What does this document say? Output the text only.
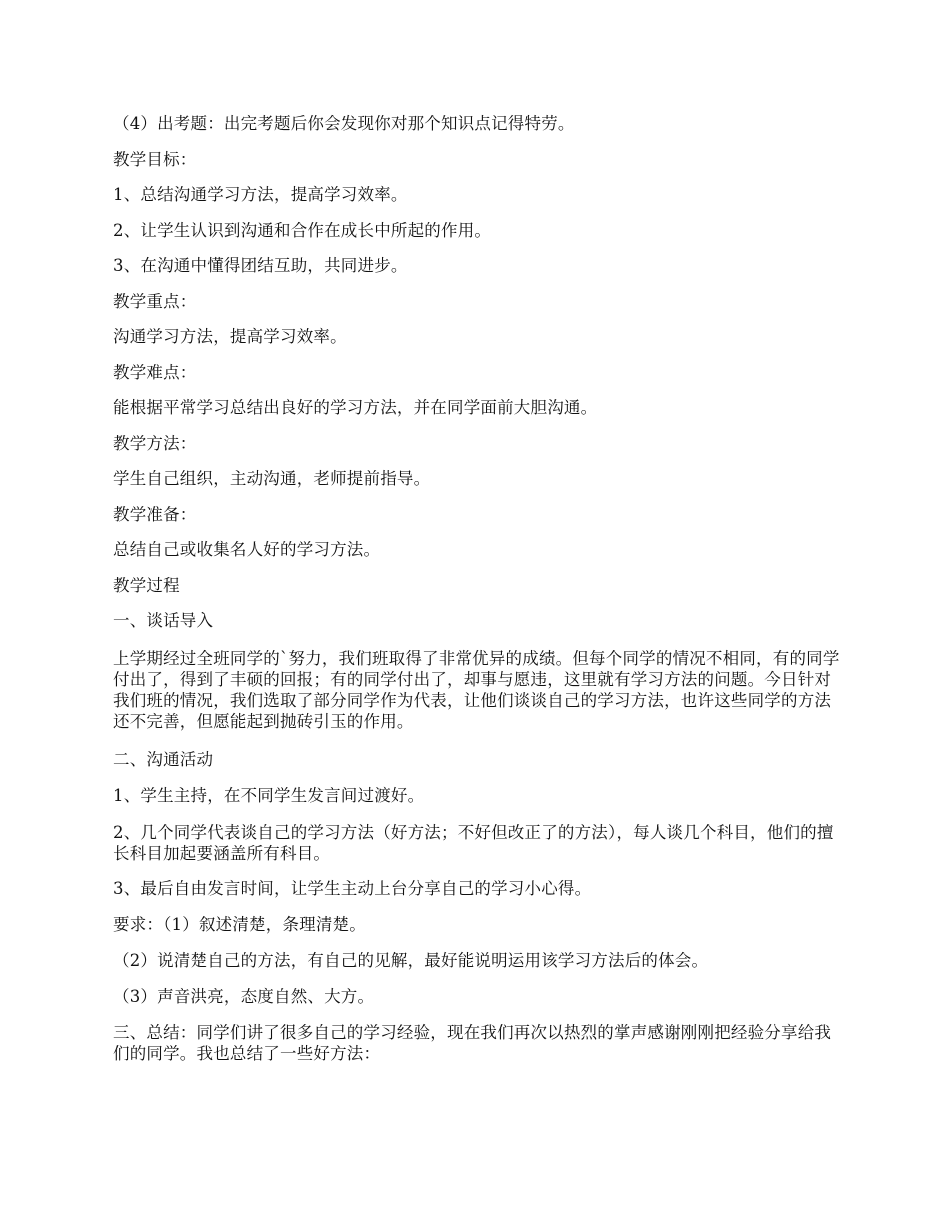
（4）出考题：出完考题后你会发现你对那个知识点记得特劳。

教学目标：

1、总结沟通学习方法，提高学习效率。

2、让学生认识到沟通和合作在成长中所起的作用。

3、在沟通中懂得团结互助，共同进步。

教学重点：

沟通学习方法，提高学习效率。

教学难点：

能根据平常学习总结出良好的学习方法，并在同学面前大胆沟通。

教学方法：

学生自己组织，主动沟通，老师提前指导。

教学准备：

总结自己或收集名人好的学习方法。

教学过程

一、谈话导入

上学期经过全班同学的`努力，我们班取得了非常优异的成绩。但每个同学的情况不相同，有的同学付出了，得到了丰硕的回报；有的同学付出了，却事与愿违，这里就有学习方法的问题。今日针对我们班的情况，我们选取了部分同学作为代表，让他们谈谈自己的学习方法，也许这些同学的方法还不完善，但愿能起到抛砖引玉的作用。

二、沟通活动

1、学生主持，在不同学生发言间过渡好。

2、几个同学代表谈自己的学习方法（好方法；不好但改正了的方法），每人谈几个科目，他们的擅长科目加起要涵盖所有科目。

3、最后自由发言时间，让学生主动上台分享自己的学习小心得。

要求：（1）叙述清楚，条理清楚。

（2）说清楚自己的方法，有自己的见解，最好能说明运用该学习方法后的体会。

（3）声音洪亮，态度自然、大方。

三、总结：同学们讲了很多自己的学习经验，现在我们再次以热烈的掌声感谢刚刚把经验分享给我们的同学。我也总结了一些好方法：
